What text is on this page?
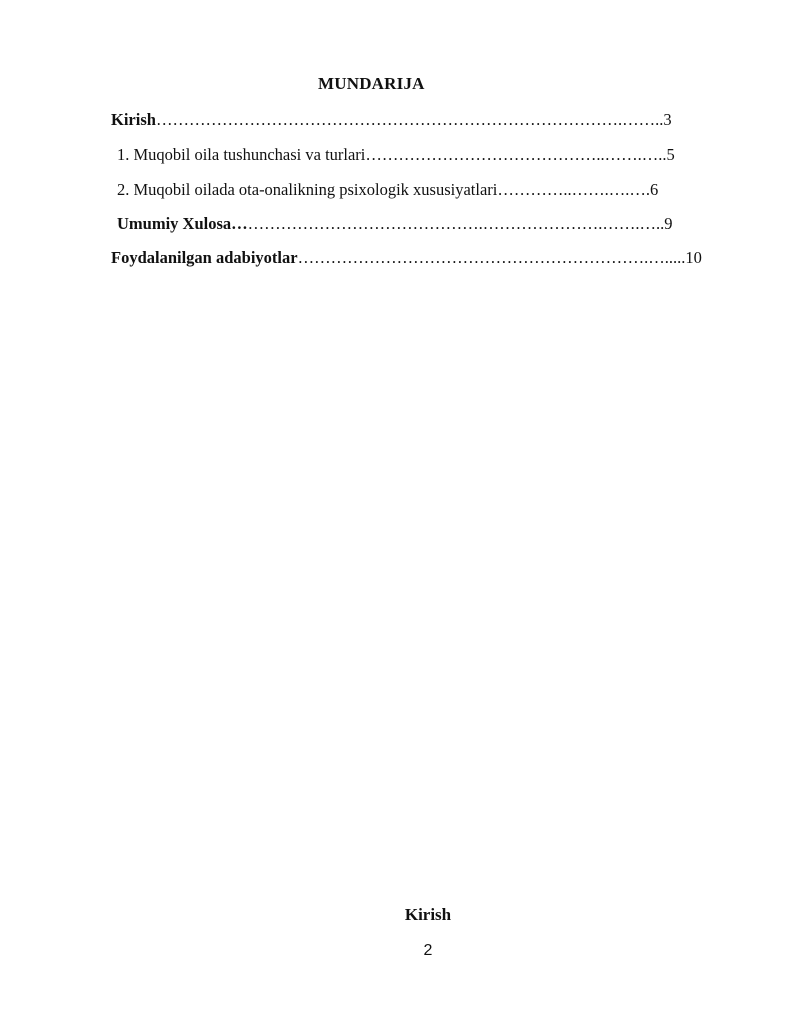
MUNDARIJA
Kirish………………………………………………………………………….……..3
1. Muqobil oila tushunchasi va turlari……………………………………..…….…..5
2. Muqobil oilada ota-onalikning psixologik xususiyatlari…………..…….….….6
Umumiy Xulosa……………………………………….………………….…….…..9
Foydalanilgan adabiyotlar……………………………………………………….….....10
Kirish
2
